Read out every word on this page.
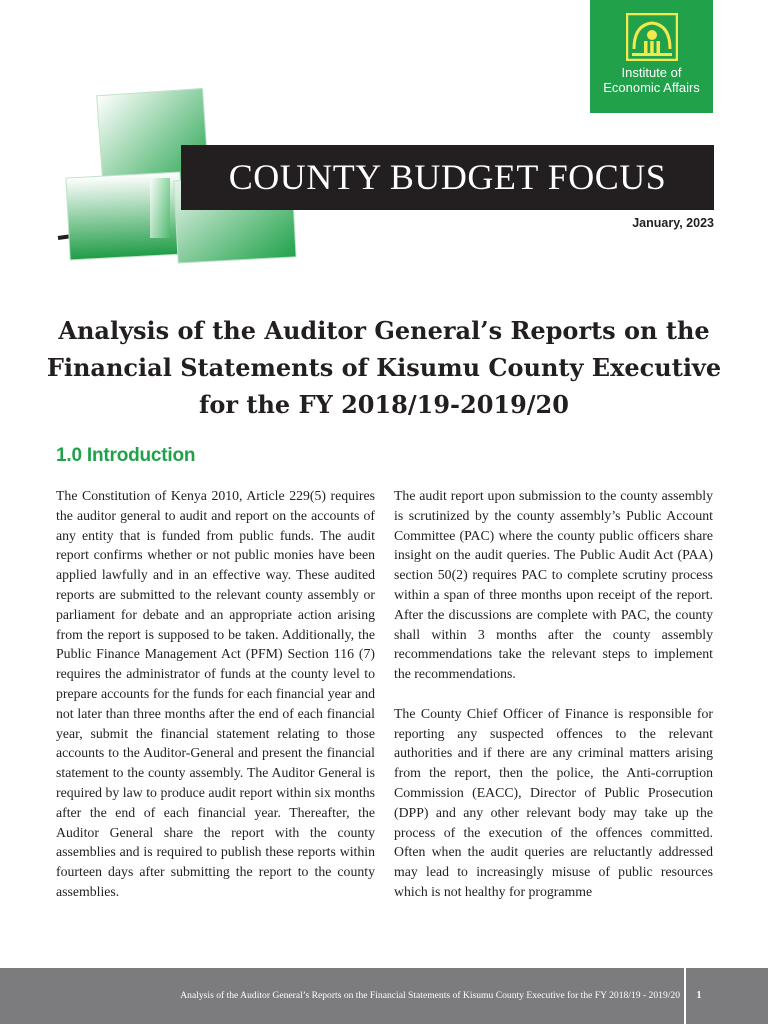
Institute of
Economic Affairs
COUNTY BUDGET FOCUS
January, 2023
Analysis of the Auditor General’s Reports on the Financial Statements of Kisumu County Executive for the FY 2018/19-2019/20
1.0 Introduction

The Constitution of Kenya 2010, Article 229(5) requires the auditor general to audit and report on the accounts of any entity that is funded from public funds. The audit report confirms whether or not public monies have been applied lawfully and in an effective way. These audited reports are submitted to the relevant county assembly or parliament for debate and an appropriate action arising from the report is supposed to be taken. Additionally, the Public Finance Management Act (PFM) Section 116 (7) requires the administrator of funds at the county level to prepare accounts for the funds for each financial year and not later than three months after the end of each financial year, submit the financial statement relating to those accounts to the Auditor-General and present the financial statement to the county assembly. The Auditor General is required by law to produce audit report within six months after the end of each financial year. Thereafter, the Auditor General share the report with the county assemblies and is required to publish these reports within fourteen days after submitting the report to the county assemblies.

The audit report upon submission to the county assembly is scrutinized by the county assembly’s Public Account Committee (PAC) where the county public officers share insight on the audit queries. The Public Audit Act (PAA) section 50(2) requires PAC to complete scrutiny process within a span of three months upon receipt of the report. After the discussions are complete with PAC, the county shall within 3 months after the county assembly recommendations take the relevant steps to implement the recommendations.

The County Chief Officer of Finance is responsible for reporting any suspected offences to the relevant authorities and if there are any criminal matters arising from the report, then the police, the Anti-corruption Commission (EACC), Director of Public Prosecution (DPP) and any other relevant body may take up the process of the execution of the offences committed. Often when the audit queries are reluctantly addressed may lead to increasingly misuse of public resources which is not healthy for programme

Analysis of the Auditor General’s Reports on the Financial Statements of Kisumu County Executive for the FY 2018/19 - 2019/20	1
